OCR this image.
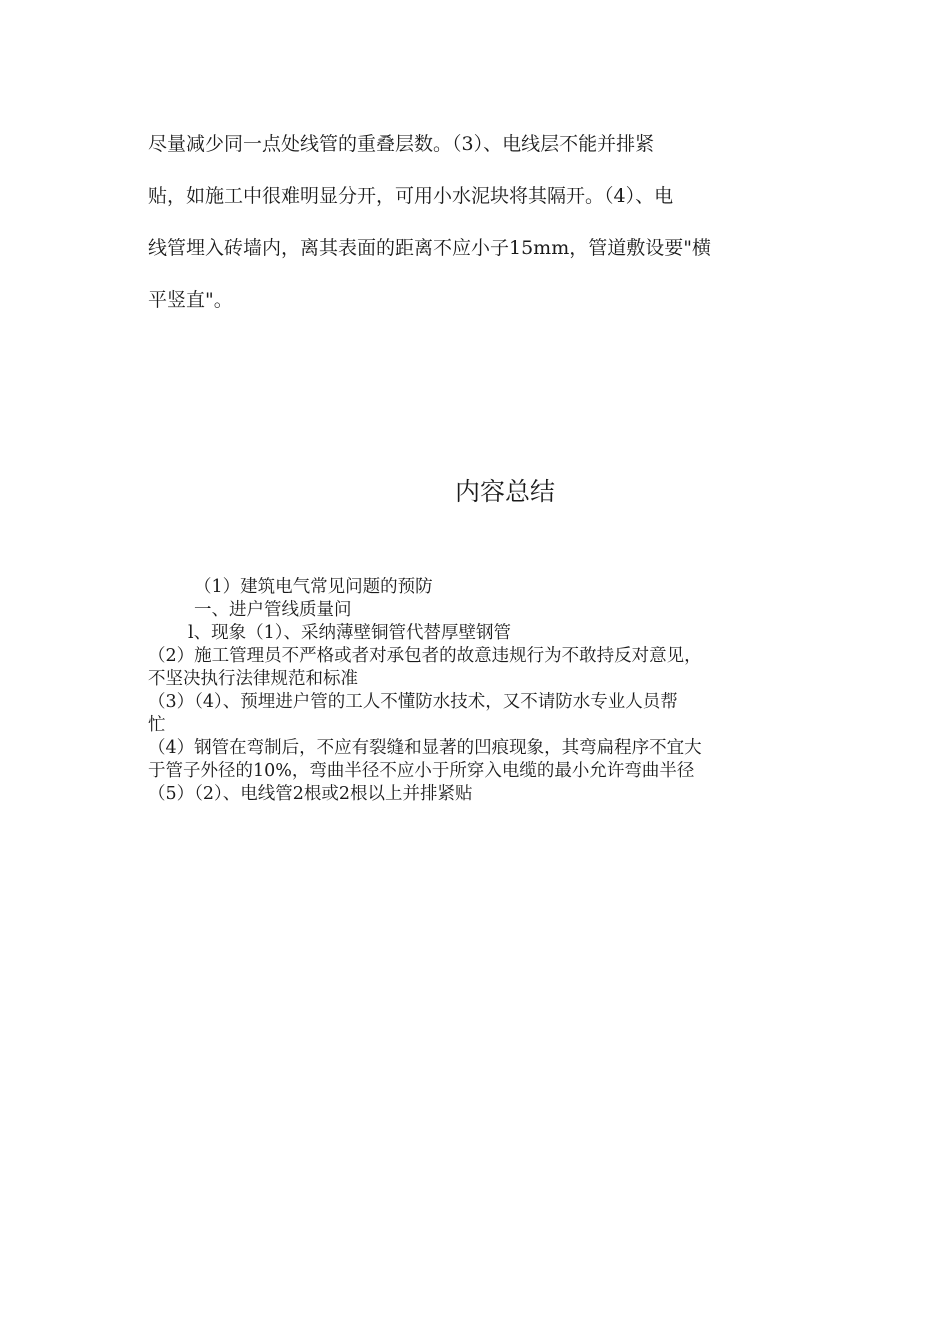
尽量减少同一点处线管的重叠层数。（3）、电线层不能并排紧

贴，如施工中很难明显分开，可用小水泥块将其隔开。（4）、电

线管埋入砖墙内，离其表面的距离不应小子15mm，管道敷设要"横

平竖直"。

内容总结

（1）建筑电气常见问题的预防

一、进户管线质量问

l、现象（1）、采纳薄壁铜管代替厚壁钢管

（2）施工管理员不严格或者对承包者的故意违规行为不敢持反对意见，

不坚决执行法律规范和标准

（3）（4）、预埋进户管的工人不懂防水技术，又不请防水专业人员帮

忙

（4）钢管在弯制后，不应有裂缝和显著的凹痕现象，其弯扁程序不宜大

于管子外径的10%，弯曲半径不应小于所穿入电缆的最小允许弯曲半径

（5）（2）、电线管2根或2根以上并排紧贴
